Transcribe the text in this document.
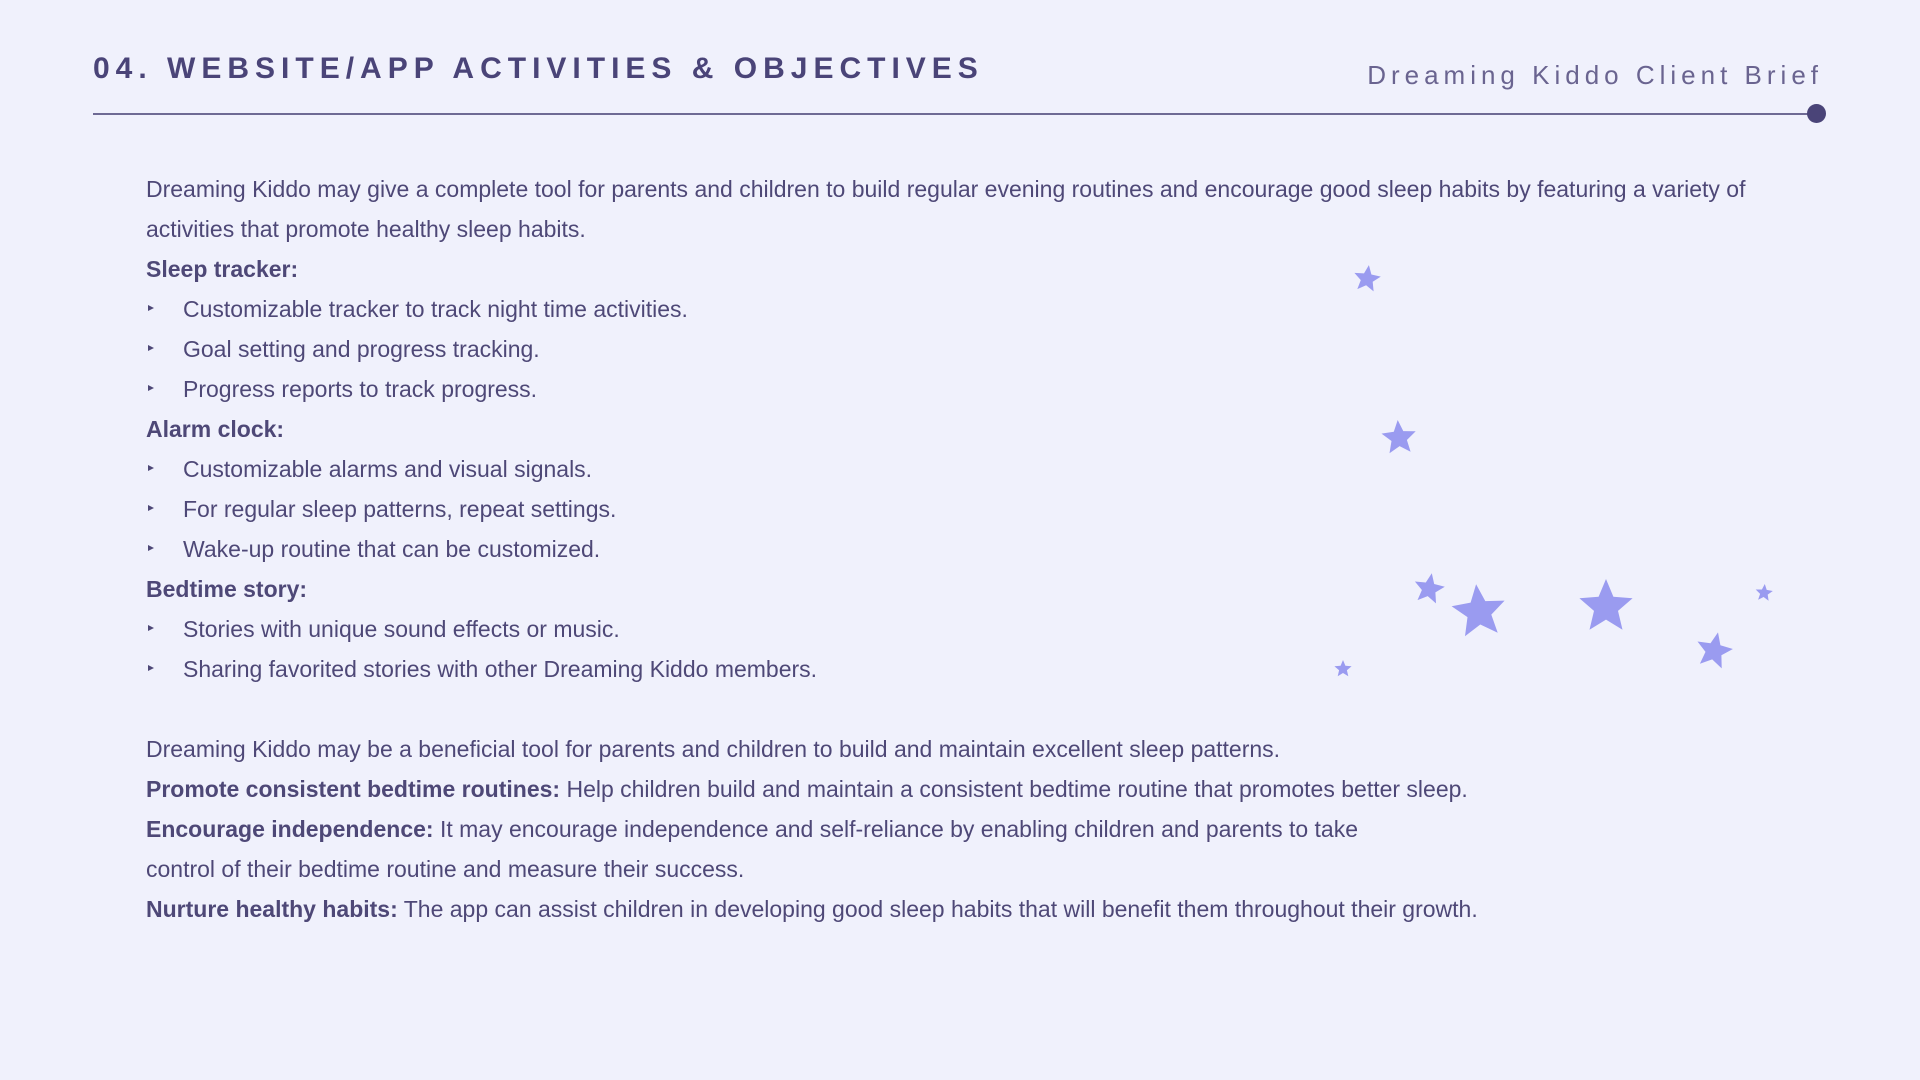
04. WEBSITE/APP ACTIVITIES & OBJECTIVES	Dreaming Kiddo Client Brief

Dreaming Kiddo may give a complete tool for parents and children to build regular evening routines and encourage good sleep habits by featuring a variety of activities that promote healthy sleep habits.

Sleep tracker:

Customizable tracker to track night time activities.
Goal setting and progress tracking.
Progress reports to track progress.

Alarm clock:

Customizable alarms and visual signals.
For regular sleep patterns, repeat settings.
Wake-up routine that can be customized.

Bedtime story:

Stories with unique sound effects or music.
Sharing favorited stories with other Dreaming Kiddo members.

Dreaming Kiddo may be a beneficial tool for parents and children to build and maintain excellent sleep patterns.

Promote consistent bedtime routines: Help children build and maintain a consistent bedtime routine that promotes better sleep.

Encourage independence: It may encourage independence and self-reliance by enabling children and parents to take

control of their bedtime routine and measure their success.

Nurture healthy habits: The app can assist children in developing good sleep habits that will benefit them throughout their growth.
